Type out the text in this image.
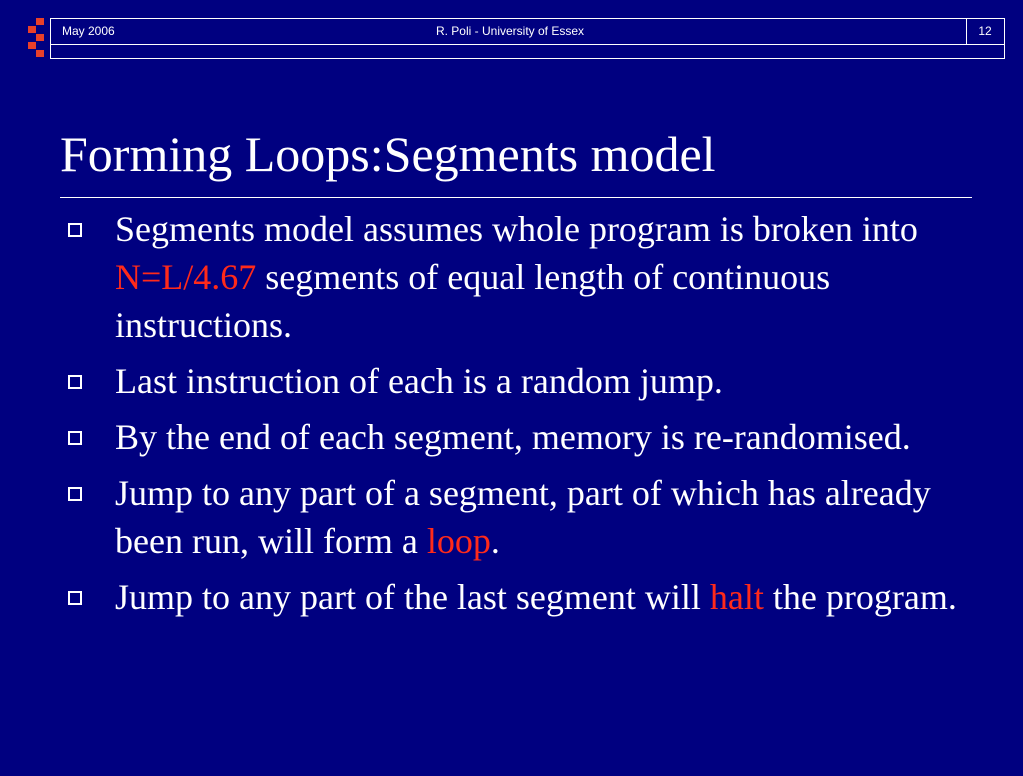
May 2006	R. Poli - University of Essex	12
Forming Loops:Segments model
Segments model assumes whole program is broken into N=L/4.67 segments of equal length of continuous instructions.
Last instruction of each is a random jump.
By the end of each segment, memory is re-randomised.
Jump to any part of a segment, part of which has already been run, will form a loop.
Jump to any part of the last segment will halt the program.
